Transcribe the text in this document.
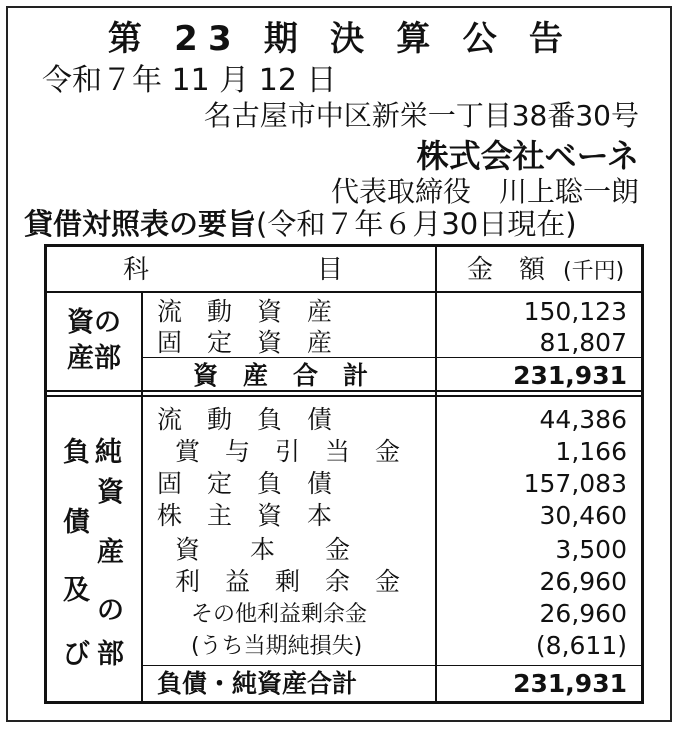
第 23 期 決 算 公 告
令和７年 11 月 12 日
名古屋市中区新栄一丁目38番30号
株式会社ベーネ
代表取締役　川上聡一朗
貸借対照表の要旨(令和７年６月30日現在)
科	目	金　額 (千円)
資の
産部
流　動　資　産	150,123
固　定　資　産	81,807
資　産　合　計	231,931
負 純
資
債
産
及
の
び 部
流　動　負　債	44,386
賞　与　引　当　金	1,166
固　定　負　債	157,083
株　主　資　本	30,460
資　　本　　金	3,500
利　益　剰　余　金	26,960
その他利益剰余金	26,960
(うち当期純損失)	(8,611)
負債・純資産合計	231,931
